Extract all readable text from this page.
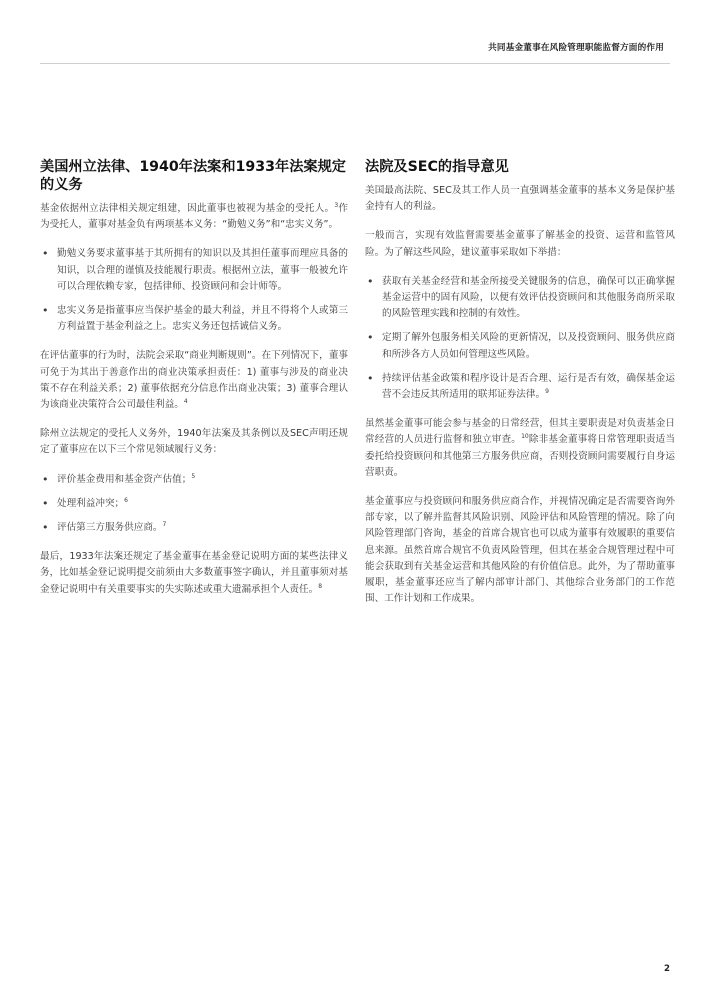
共同基金董事在风险管理职能监督方面的作用
美国州立法律、1940年法案和1933年法案规定的义务

基金依据州立法律相关规定组建，因此董事也被视为基金的受托人。$^3$作为受托人，董事对基金负有两项基本义务：“勤勉义务”和“忠实义务”。

• 勤勉义务要求董事基于其所拥有的知识以及其担任董事而理应具备的知识，以合理的谨慎及技能履行职责。根据州立法，董事一般被允许可以合理依赖专家，包括律师、投资顾问和会计师等。
• 忠实义务是指董事应当保护基金的最大利益，并且不得将个人或第三方利益置于基金利益之上。忠实义务还包括诚信义务。

在评估董事的行为时，法院会采取“商业判断规则”。在下列情况下，董事可免于为其出于善意作出的商业决策承担责任：1) 董事与涉及的商业决策不存在利益关系；2) 董事依据充分信息作出商业决策；3) 董事合理认为该商业决策符合公司最佳利益。$^4$

除州立法规定的受托人义务外，1940年法案及其条例以及SEC声明还规定了董事应在以下三个常见领域履行义务：

• 评价基金费用和基金资产估值；$^5$
• 处理利益冲突；$^6$
• 评估第三方服务供应商。$^7$

最后，1933年法案还规定了基金董事在基金登记说明方面的某些法律义务，比如基金登记说明提交前须由大多数董事签字确认，并且董事须对基金登记说明中有关重要事实的失实陈述或重大遗漏承担个人责任。$^8$

法院及SEC的指导意见

美国最高法院、SEC及其工作人员一直强调基金董事的基本义务是保护基金持有人的利益。

一般而言，实现有效监督需要基金董事了解基金的投资、运营和监管风险。为了解这些风险，建议董事采取如下举措：

• 获取有关基金经营和基金所接受关键服务的信息，确保可以正确掌握基金运营中的固有风险，以便有效评估投资顾问和其他服务商所采取的风险管理实践和控制的有效性。
• 定期了解外包服务相关风险的更新情况，以及投资顾问、服务供应商和所涉各方人员如何管理这些风险。
• 持续评估基金政策和程序设计是否合理、运行是否有效，确保基金运营不会违反其所适用的联邦证券法律。$^9$

虽然基金董事可能会参与基金的日常经营，但其主要职责是对负责基金日常经营的人员进行监督和独立审查。$^{10}$除非基金董事将日常管理职责适当委托给投资顾问和其他第三方服务供应商，否则投资顾问需要履行自身运营职责。

基金董事应与投资顾问和服务供应商合作，并视情况确定是否需要咨询外部专家，以了解并监督其风险识别、风险评估和风险管理的情况。除了向风险管理部门咨询，基金的首席合规官也可以成为董事有效履职的重要信息来源。虽然首席合规官不负责风险管理，但其在基金合规管理过程中可能会获取到有关基金运营和其他风险的有价值信息。此外，为了帮助董事履职，基金董事还应当了解内部审计部门、其他综合业务部门的工作范围、工作计划和工作成果。

2
